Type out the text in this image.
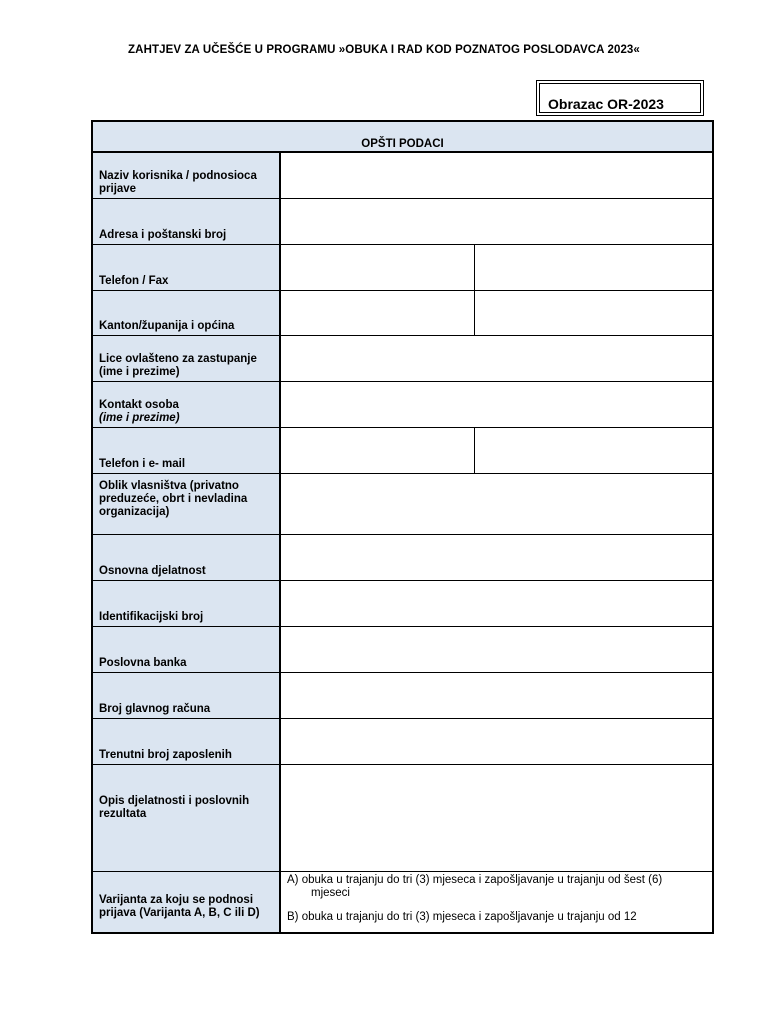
ZAHTJEV ZA UČEŠĆE U PROGRAMU »OBUKA I RAD KOD POZNATOG POSLODAVCA 2023«
Obrazac OR-2023
OPŠTI PODACI		
Naziv korisnika / podnosioca prijave		
Adresa i poštanski broj		
Telefon / Fax		
Kanton/županija i općina		

Lice ovlašteno za zastupanje
(ime i prezime)		

Kontakt osoba
(ime i prezime)		

Telefon i e- mail		
Oblik vlasništva (privatno preduzeće, obrt i nevladina organizacija)		
Osnovna djelatnost		
Identifikacijski broj		
Poslovna banka		
Broj glavnog računa		
Trenutni broj zaposlenih		
Opis djelatnosti i poslovnih rezultata		
Varijanta za koju se podnosi prijava (Varijanta A, B, C ili D)	A) obuka u trajanju do tri (3) mjeseca i zapošljavanje u trajanju od šest (6)
mjeseci
B) obuka u trajanju do tri (3) mjeseca i zapošljavanje u trajanju od 12	
